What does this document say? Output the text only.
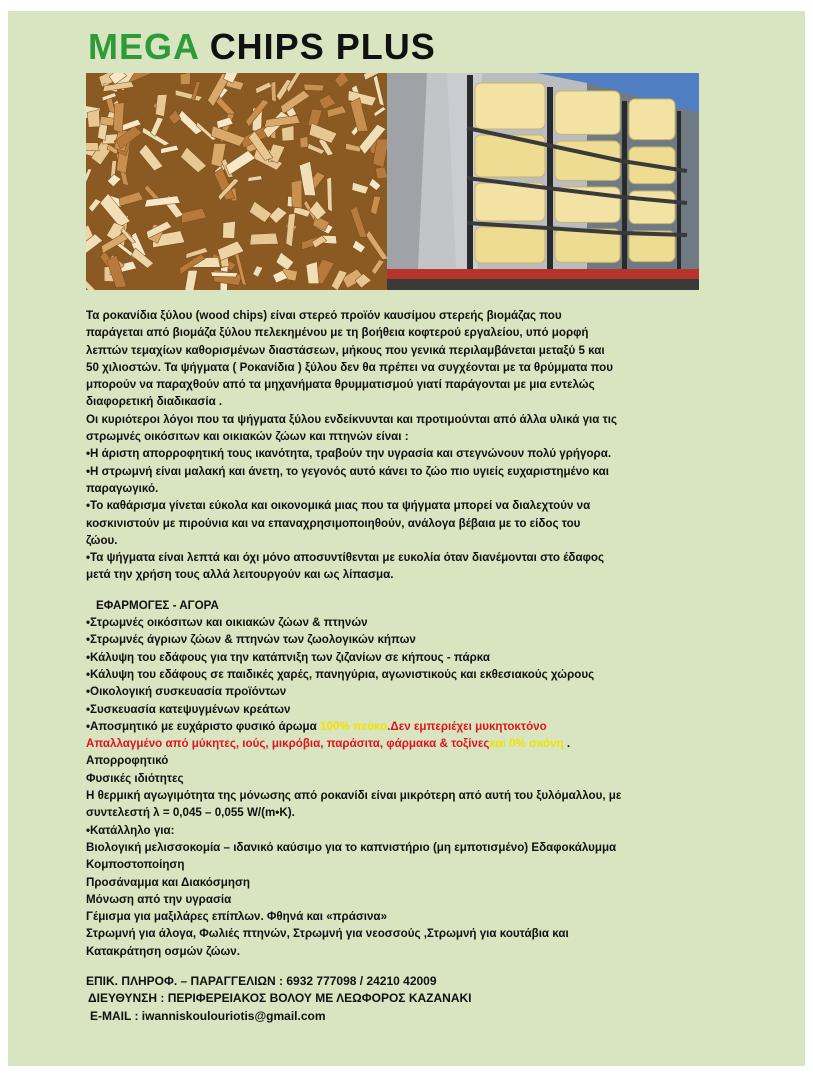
MEGA CHIPS PLUS
Τα ροκανίδια ξύλου (wood chips) είναι στερεό προϊόν καυσίμου στερεής βιομάζας που
παράγεται από βιομάζα ξύλου πελεκημένου με τη βοήθεια κοφτερού εργαλείου, υπό μορφή
λεπτών τεμαχίων καθορισμένων διαστάσεων, μήκους που γενικά περιλαμβάνεται μεταξύ 5 και
50 χιλιοστών. Τα ψήγματα ( Ροκανίδια ) ξύλου δεν θα πρέπει να συγχέονται με τα θρύμματα που
μπορούν να παραχθούν από τα μηχανήματα θρυμματισμού γιατί παράγονται με μια εντελώς
διαφορετική διαδικασία .
Οι κυριότεροι λόγοι που τα ψήγματα ξύλου ενδείκνυνται και προτιμούνται από άλλα υλικά για τις
στρωμνές οικόσιτων και οικιακών ζώων και πτηνών είναι :
•Η άριστη απορροφητική τους ικανότητα, τραβούν την υγρασία και στεγνώνουν πολύ γρήγορα.
•Η στρωμνή είναι μαλακή και άνετη, το γεγονός αυτό κάνει το ζώο πιο υγιείς ευχαριστημένο και
παραγωγικό.
•Το καθάρισμα γίνεται εύκολα και οικονομικά μιας που τα ψήγματα μπορεί να διαλεχτούν να
κοσκινιστούν με πιρούνια και να επαναχρησιμοποιηθούν, ανάλογα βέβαια με το είδος του
ζώου.
•Τα ψήγματα είναι λεπτά και όχι μόνο αποσυντίθενται με ευκολία όταν διανέμονται στο έδαφος
μετά την χρήση τους αλλά λειτουργούν και ως λίπασμα.
ΕΦΑΡΜΟΓΕΣ - ΑΓΟΡΑ
•Στρωμνές οικόσιτων και οικιακών ζώων & πτηνών
•Στρωμνές άγριων ζώων & πτηνών των ζωολογικών κήπων
•Κάλυψη του εδάφους για την κατάπνιξη των ζιζανίων σε κήπους - πάρκα
•Κάλυψη του εδάφους σε παιδικές χαρές, πανηγύρια, αγωνιστικούς και εκθεσιακούς χώρους
•Οικολογική συσκευασία προϊόντων
•Συσκευασία κατεψυγμένων κρεάτων
•Αποσμητικό με ευχάριστο φυσικό άρωμα 100% πεύκο.Δεν εμπεριέχει μυκητοκτόνο
Απαλλαγμένο από μύκητες, ιούς, μικρόβια, παράσιτα, φάρμακα & τοξίνεςκαι 0% σκόνη .
Απορροφητικό
Φυσικές ιδιότητες
Η θερμική αγωγιμότητα της μόνωσης από ροκανίδι είναι μικρότερη από αυτή του ξυλόμαλλου, με
συντελεστή λ = 0,045 – 0,055 W/(m•K).
•Κατάλληλο για:
Βιολογική μελισσοκομία – ιδανικό καύσιμο για το καπνιστήριο (μη εμποτισμένο) Εδαφοκάλυμμα
Κομποστοποίηση
Προσάναμμα και Διακόσμηση
Μόνωση από την υγρασία
Γέμισμα για μαξιλάρες επίπλων. Φθηνά και «πράσινα»
Στρωμνή για άλογα, Φωλιές πτηνών, Στρωμνή για νεοσσούς ,Στρωμνή για κουτάβια και
Κατακράτηση οσμών ζώων.
ΕΠΙΚ. ΠΛΗΡΟΦ. – ΠΑΡΑΓΓΕΛΙΩΝ : 6932 777098 / 24210 42009
ΔΙΕΥΘΥΝΣΗ : ΠΕΡΙΦΕΡΕΙΑΚΟΣ ΒΟΛΟΥ ΜΕ ΛΕΩΦΟΡΟΣ ΚΑΖΑΝΑΚΙ
E-MAIL : iwanniskoulouriotis@gmail.com
